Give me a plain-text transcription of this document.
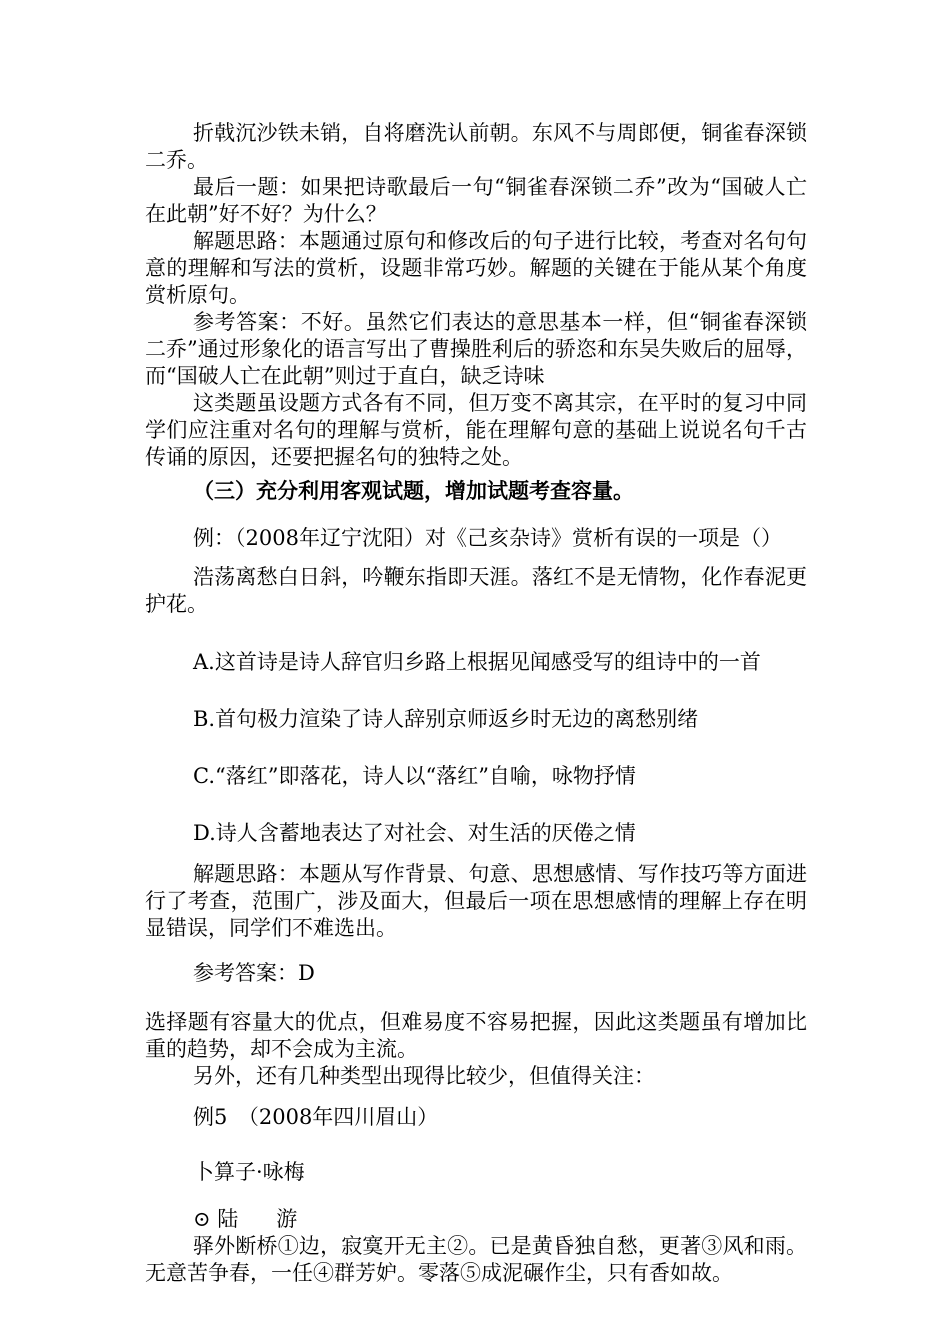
折戟沉沙铁未销，自将磨洗认前朝。东风不与周郎便，铜雀春深锁二乔。

最后一题：如果把诗歌最后一句“铜雀春深锁二乔”改为“国破人亡在此朝”好不好？为什么？

解题思路：本题通过原句和修改后的句子进行比较，考查对名句句意的理解和写法的赏析，设题非常巧妙。解题的关键在于能从某个角度赏析原句。

参考答案：不好。虽然它们表达的意思基本一样，但“铜雀春深锁二乔”通过形象化的语言写出了曹操胜利后的骄恣和东吴失败后的屈辱，而“国破人亡在此朝”则过于直白，缺乏诗味

这类题虽设题方式各有不同，但万变不离其宗，在平时的复习中同学们应注重对名句的理解与赏析，能在理解句意的基础上说说名句千古传诵的原因，还要把握名句的独特之处。

（三）充分利用客观试题，增加试题考查容量。

例：（2008年辽宁沈阳）对《己亥杂诗》赏析有误的一项是（）

浩荡离愁白日斜，吟鞭东指即天涯。落红不是无情物，化作春泥更护花。

A.这首诗是诗人辞官归乡路上根据见闻感受写的组诗中的一首

B.首句极力渲染了诗人辞别京师返乡时无边的离愁别绪

C.“落红”即落花，诗人以“落红”自喻，咏物抒情

D.诗人含蓄地表达了对社会、对生活的厌倦之情

解题思路：本题从写作背景、句意、思想感情、写作技巧等方面进行了考查，范围广，涉及面大，但最后一项在思想感情的理解上存在明显错误，同学们不难选出。

参考答案：D

选择题有容量大的优点，但难易度不容易把握，因此这类题虽有增加比重的趋势，却不会成为主流。

另外，还有几种类型出现得比较少，但值得关注：

例5　（2008年四川眉山）

卜算子·咏梅

⊙ 陆 游

驿外断桥①边，寂寞开无主②。已是黄昏独自愁，更著③风和雨。无意苦争春，一任④群芳妒。零落⑤成泥碾作尘，只有香如故。
